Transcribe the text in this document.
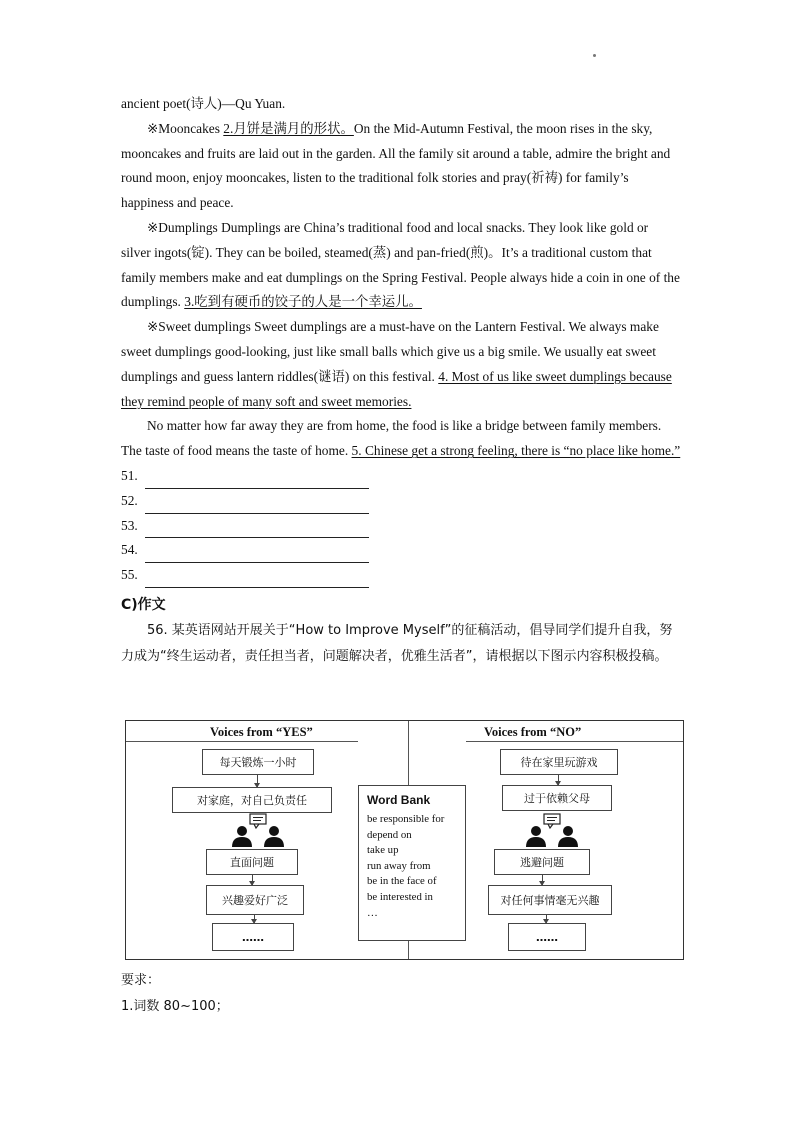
ancient poet(诗人)—Qu Yuan.

※Mooncakes 2.月饼是满月的形状。On the Mid-Autumn Festival, the moon rises in the sky, mooncakes and fruits are laid out in the garden. All the family sit around a table, admire the bright and round moon, enjoy mooncakes, listen to the traditional folk stories and pray(祈祷) for family’s happiness and peace.

※Dumplings Dumplings are China’s traditional food and local snacks. They look like gold or silver ingots(锭). They can be boiled, steamed(蒸) and pan-fried(煎)。It’s a traditional custom that family members make and eat dumplings on the Spring Festival. People always hide a coin in one of the dumplings. 3.吃到有硬币的饺子的人是一个幸运儿。

※Sweet dumplings Sweet dumplings are a must-have on the Lantern Festival. We always make sweet dumplings good-looking, just like small balls which give us a big smile. We usually eat sweet dumplings and guess lantern riddles(谜语) on this festival. 4. Most of us like sweet dumplings because they remind people of many soft and sweet memories.

No matter how far away they are from home, the food is like a bridge between family members. The taste of food means the taste of home. 5. Chinese get a strong feeling, there is “no place like home.”

51.
52.
53.
54.
55.
C)作文

56. 某英语网站开展关于“How to Improve Myself”的征稿活动，倡导同学们提升自我，努力成为“终生运动者，责任担当者，问题解决者，优雅生活者”，请根据以下图示内容积极投稿。

Voices from “YES”	Voices from “NO”
每天锻炼一小时
对家庭，对自己负责任
直面问题
兴趣爱好广泛
……
Word Bank
be responsible for
depend on
take up
run away from
be in the face of
be interested in
…
待在家里玩游戏
过于依赖父母
逃避问题
对任何事情毫无兴趣
……
要求：
1.词数 80~100；
